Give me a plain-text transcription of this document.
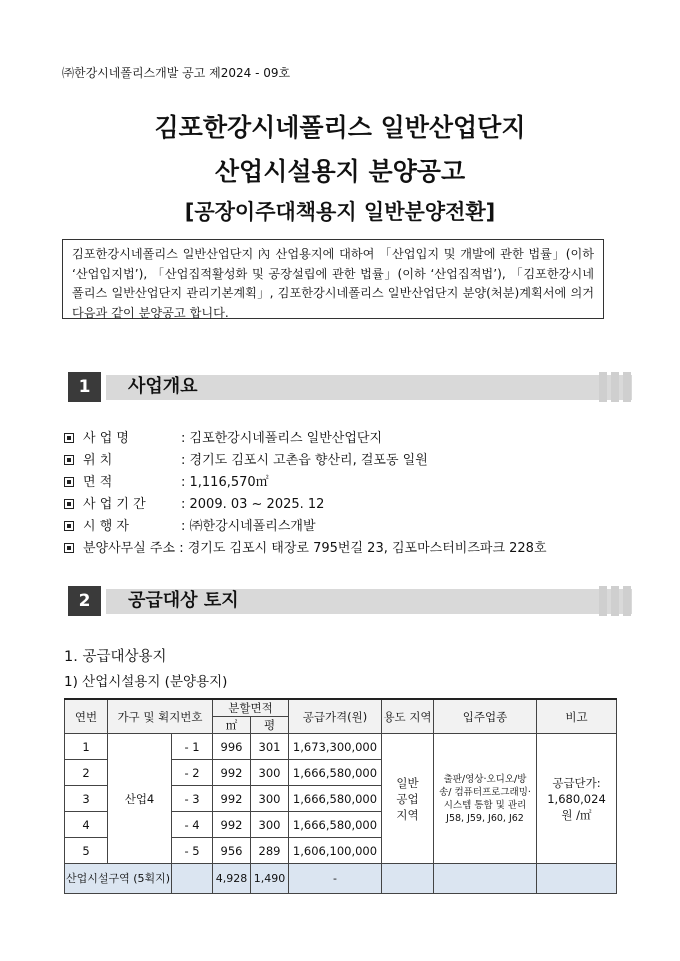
㈜한강시네폴리스개발 공고 제2024 - 09호
김포한강시네폴리스 일반산업단지
산업시설용지 분양공고
[공장이주대책용지 일반분양전환]
김포한강시네폴리스 일반산업단지 內 산업용지에 대하여 「산업입지 및 개발에 관한 법률」(이하 ‘산업입지법’), 「산업집적활성화 및 공장설립에 관한 법률」(이하 ‘산업집적법’), 「김포한강시네폴리스 일반산업단지 관리기본계획」, 김포한강시네폴리스 일반산업단지 분양(처분)계획서에 의거 다음과 같이 분양공고 합니다.
1	사업개요
사 업 명	: 김포한강시네폴리스 일반산업단지
위 치	: 경기도 김포시 고촌읍 향산리, 걸포동 일원
면 적	: 1,116,570㎡
사 업 기 간	: 2009. 03 ~ 2025. 12
시 행 자	: ㈜한강시네폴리스개발
분양사무실 주소 : 경기도 김포시 태장로 795번길 23, 김포마스터비즈파크 228호
2	공급대상 토지
1. 공급대상용지
1) 산업시설용지 (분양용지)
연번	가구 및 획지번호		분할면적		공급가격(원)	용도 지역	입주업종	비고
			㎡	평				
1	산업4	- 1	996	301	1,673,300,000	일반 공업 지역	출판/영상·오디오/방송/ 컴퓨터프로그래밍· 시스템 통합 및 관리 J58, J59, J60, J62	공급단가: 1,680,024 원 /㎡
2		- 2	992	300	1,666,580,000			
3		- 3	992	300	1,666,580,000			
4		- 4	992	300	1,666,580,000			
5		- 5	956	289	1,606,100,000			
산업시설구역 (5획지)			4,928	1,490	-			
